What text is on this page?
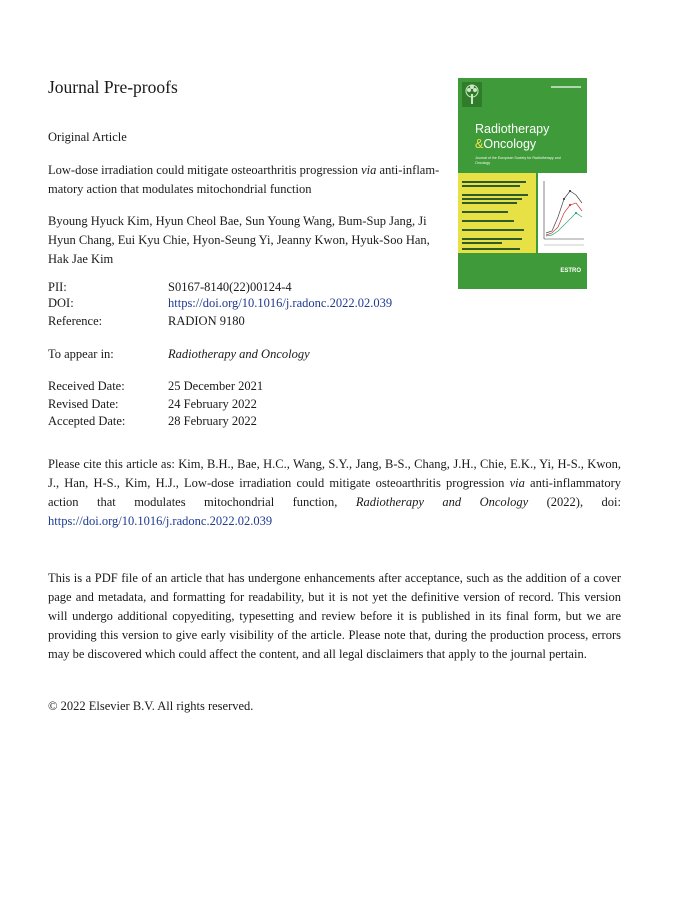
Journal Pre-proofs
Original Article
Low-dose irradiation could mitigate osteoarthritis progression via anti-inflam-matory action that modulates mitochondrial function
Byoung Hyuck Kim, Hyun Cheol Bae, Sun Young Wang, Bum-Sup Jang, Ji Hyun Chang, Eui Kyu Chie, Hyon-Seung Yi, Jeanny Kwon, Hyuk-Soo Han, Hak Jae Kim
PII:	S0167-8140(22)00124-4
DOI:	https://doi.org/10.1016/j.radonc.2022.02.039
Reference:	RADION 9180
To appear in:	Radiotherapy and Oncology
Received Date:	25 December 2021
Revised Date:	24 February 2022
Accepted Date:	28 February 2022
Please cite this article as: Kim, B.H., Bae, H.C., Wang, S.Y., Jang, B-S., Chang, J.H., Chie, E.K., Yi, H-S., Kwon, J., Han, H-S., Kim, H.J., Low-dose irradiation could mitigate osteoarthritis progression via anti-inflammatory action that modulates mitochondrial function, Radiotherapy and Oncology (2022), doi: https://doi.org/10.1016/j.radonc.2022.02.039
This is a PDF file of an article that has undergone enhancements after acceptance, such as the addition of a cover page and metadata, and formatting for readability, but it is not yet the definitive version of record. This version will undergo additional copyediting, typesetting and review before it is published in its final form, but we are providing this version to give early visibility of the article. Please note that, during the production process, errors may be discovered which could affect the content, and all legal disclaimers that apply to the journal pertain.
© 2022 Elsevier B.V. All rights reserved.
Radiotherapy
&Oncology
Journal of the European Society for Radiotherapy and Oncology
ESTRO
